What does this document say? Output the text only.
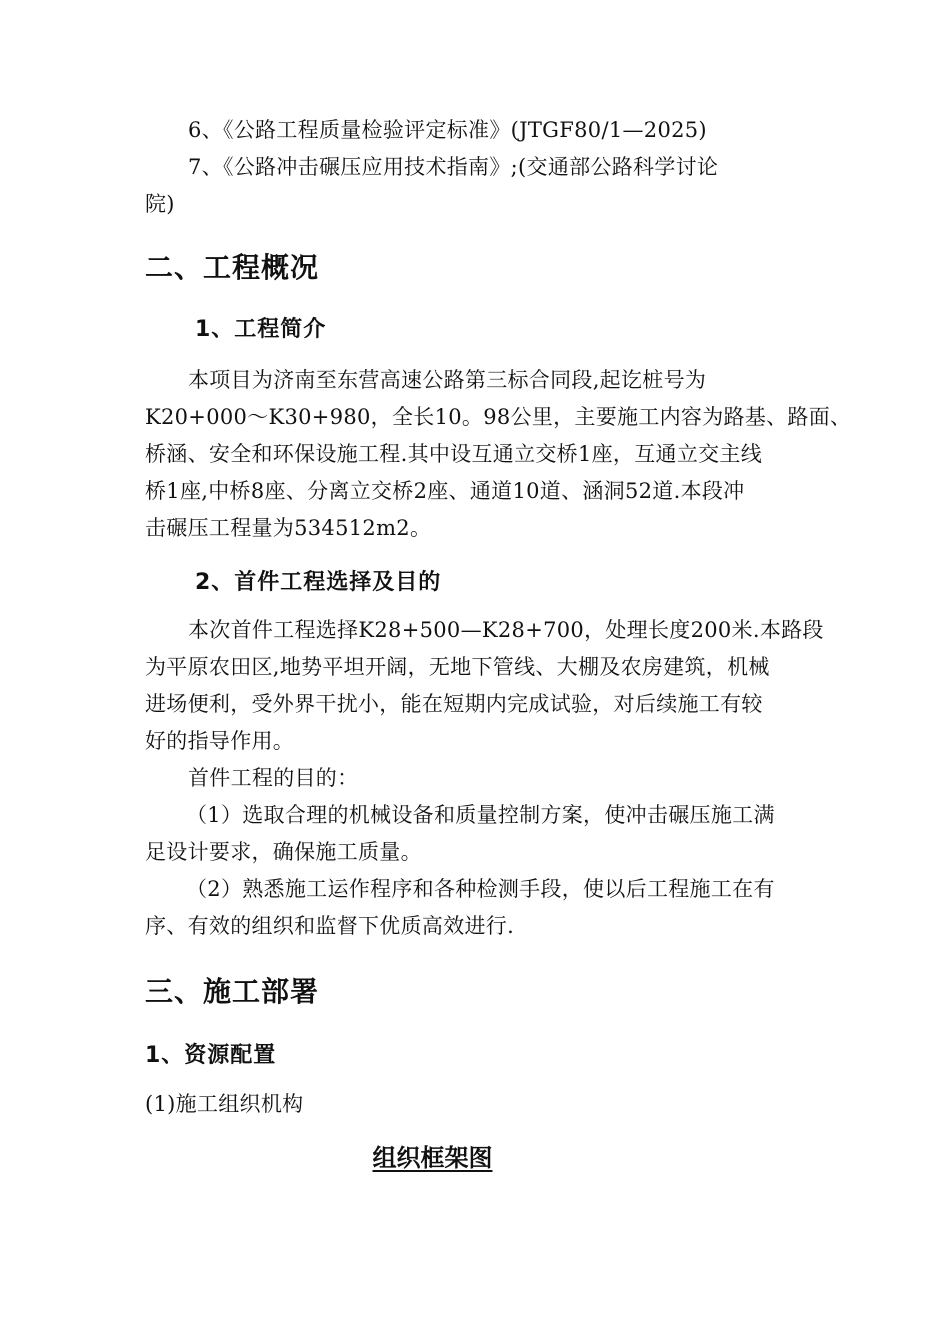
6、《公路工程质量检验评定标准》(JTGF80/1—2025)
7、《公路冲击碾压应用技术指南》;(交通部公路科学讨论
院)
二、工程概况
1、工程简介
本项目为济南至东营高速公路第三标合同段,起讫桩号为
K20+000～K30+980，全长10。98公里，主要施工内容为路基、路面、
桥涵、安全和环保设施工程.其中设互通立交桥1座，互通立交主线
桥1座,中桥8座、分离立交桥2座、通道10道、涵洞52道.本段冲
击碾压工程量为534512m2。
2、首件工程选择及目的
本次首件工程选择K28+500—K28+700，处理长度200米.本路段
为平原农田区,地势平坦开阔，无地下管线、大棚及农房建筑，机械
进场便利，受外界干扰小，能在短期内完成试验，对后续施工有较
好的指导作用。
首件工程的目的：
（1）选取合理的机械设备和质量控制方案，使冲击碾压施工满
足设计要求，确保施工质量。
（2）熟悉施工运作程序和各种检测手段，使以后工程施工在有
序、有效的组织和监督下优质高效进行.
三、施工部署
1、资源配置
(1)施工组织机构
组织框架图
